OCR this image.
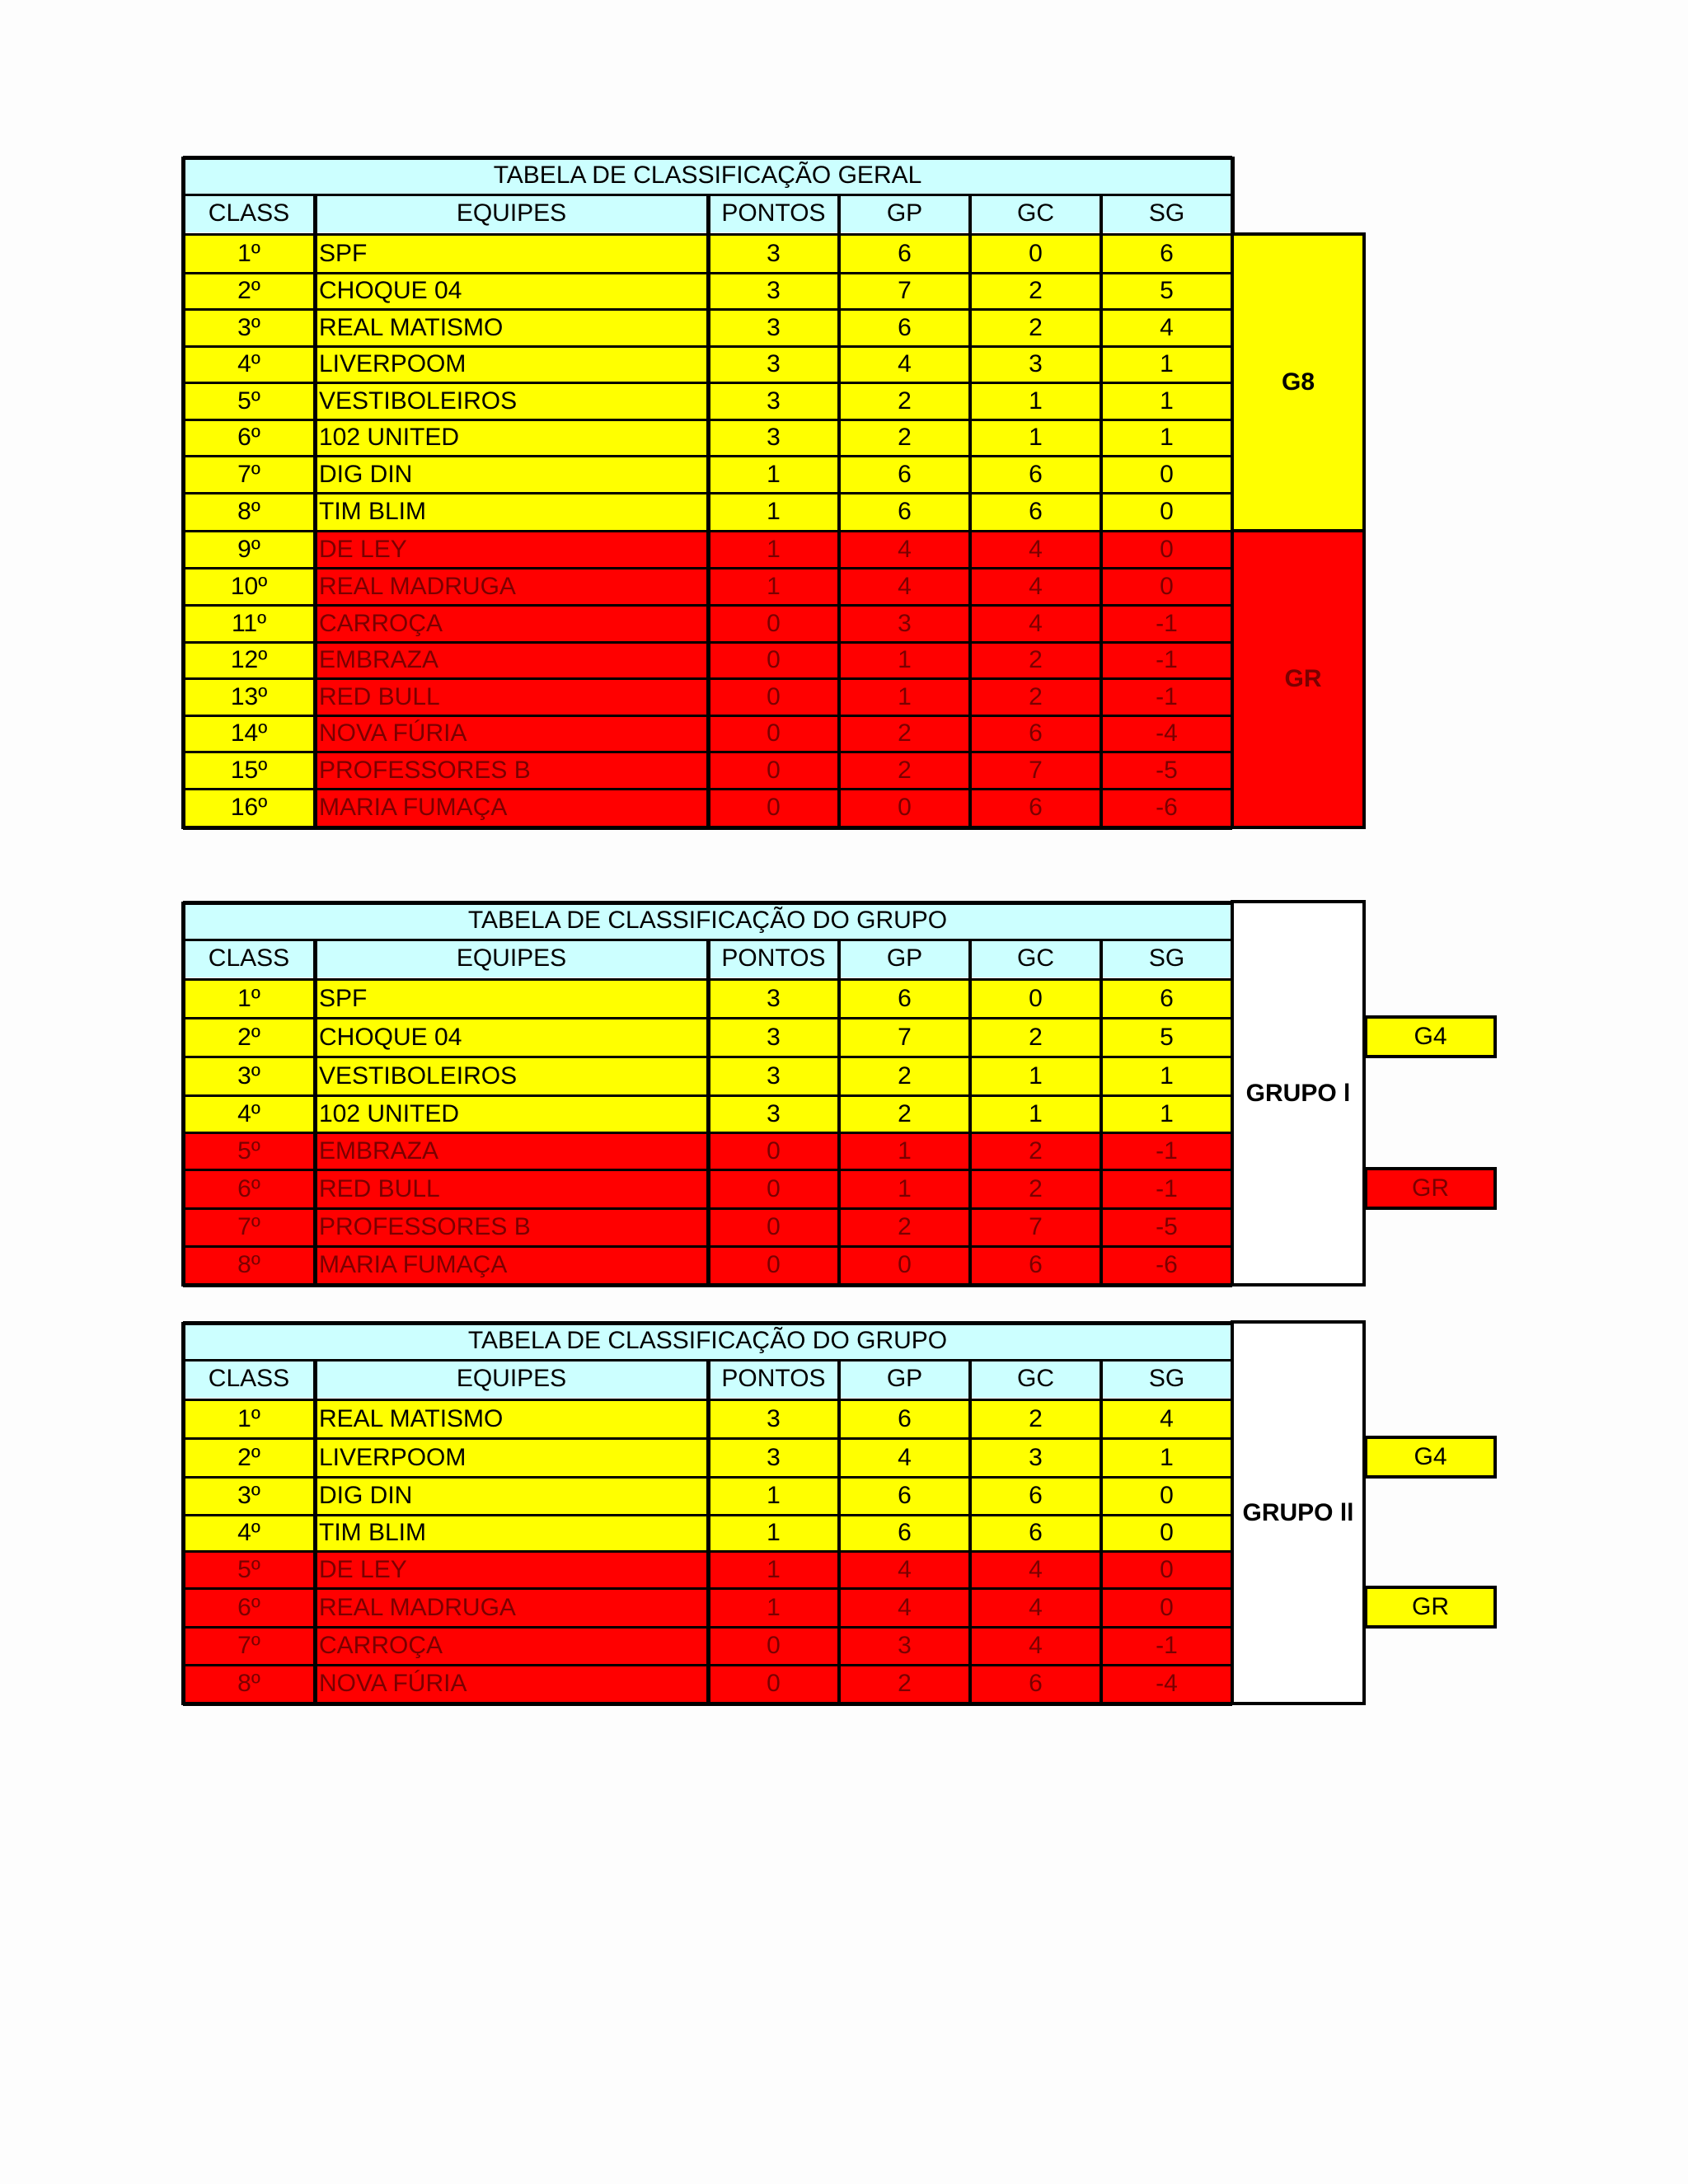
TABELA DE CLASSIFICAÇÃO GERAL
CLASS	EQUIPES	PONTOS	GP	GC	SG
1º	SPF	3	6	0	6
2º	CHOQUE 04	3	7	2	5
3º	REAL MATISMO	3	6	2	4
4º	LIVERPOOM	3	4	3	1
5º	VESTIBOLEIROS	3	2	1	1
6º	102 UNITED	3	2	1	1
7º	DIG DIN	1	6	6	0
8º	TIM BLIM	1	6	6	0
9º	DE LEY	1	4	4	0
10º	REAL MADRUGA	1	4	4	0
11º	CARROÇA	0	3	4	-1
12º	EMBRAZA	0	1	2	-1
13º	RED BULL	0	1	2	-1
14º	NOVA FÚRIA	0	2	6	-4
15º	PROFESSORES B	0	2	7	-5
16º	MARIA FUMAÇA	0	0	6	-6
G8
GR
TABELA DE CLASSIFICAÇÃO DO GRUPO
CLASS	EQUIPES	PONTOS	GP	GC	SG
1º	SPF	3	6	0	6
2º	CHOQUE 04	3	7	2	5
3º	VESTIBOLEIROS	3	2	1	1
4º	102 UNITED	3	2	1	1
5º	EMBRAZA	0	1	2	-1
6º	RED BULL	0	1	2	-1
7º	PROFESSORES B	0	2	7	-5
8º	MARIA FUMAÇA	0	0	6	-6
GRUPO l
G4
GR
TABELA DE CLASSIFICAÇÃO DO GRUPO
CLASS	EQUIPES	PONTOS	GP	GC	SG
1º	REAL MATISMO	3	6	2	4
2º	LIVERPOOM	3	4	3	1
3º	DIG DIN	1	6	6	0
4º	TIM BLIM	1	6	6	0
5º	DE LEY	1	4	4	0
6º	REAL MADRUGA	1	4	4	0
7º	CARROÇA	0	3	4	-1
8º	NOVA FÚRIA	0	2	6	-4
GRUPO ll
G4
GR
